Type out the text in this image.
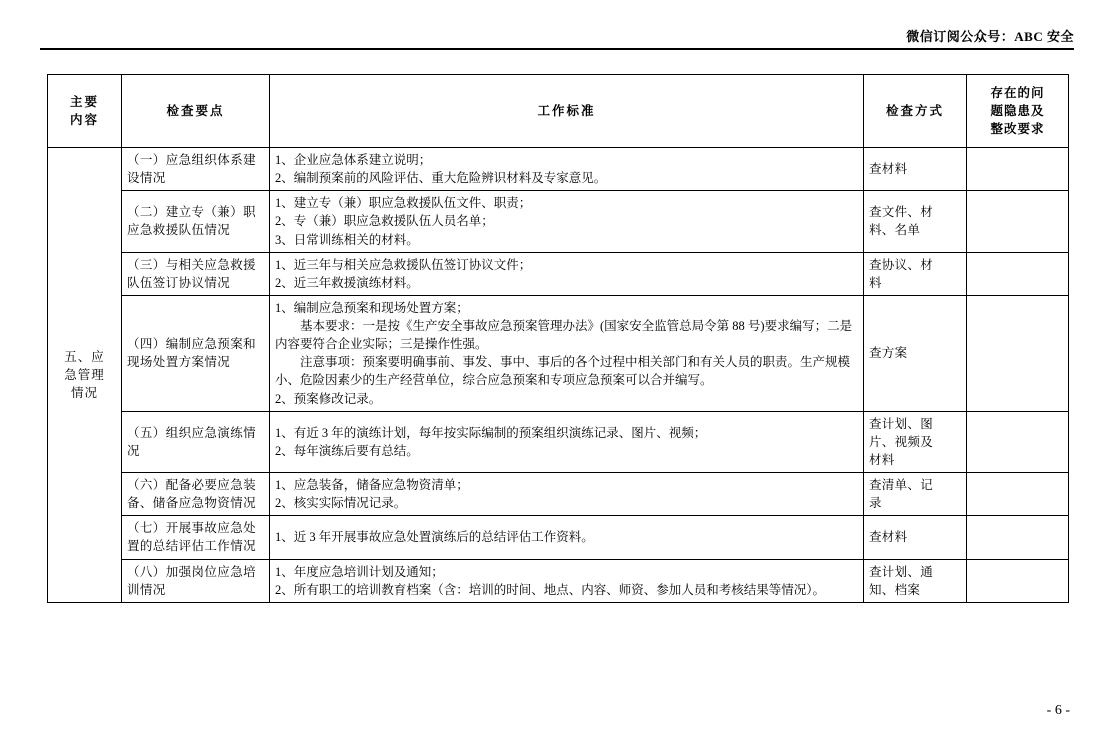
微信订阅公众号：ABC 安全
主要
内容	检查要点	工作标准	检查方式	存在的问
题隐患及
整改要求

五、应
急管理
情况	（一）应急组织体系建设情况	1、企业应急体系建立说明；
2、编制预案前的风险评估、重大危险辨识材料及专家意见。	查材料	

	（二）建立专（兼）职应急救援队伍情况	1、建立专（兼）职应急救援队伍文件、职责；
2、专（兼）职应急救援队伍人员名单；
3、日常训练相关的材料。	查文件、材
料、名单	

	（三）与相关应急救援队伍签订协议情况	1、近三年与相关应急救援队伍签订协议文件；
2、近三年救援演练材料。	查协议、材
料	

	（四）编制应急预案和现场处置方案情况	1、编制应急预案和现场处置方案；
基本要求：一是按《生产安全事故应急预案管理办法》(国家安全监管总局令第 88 号)要求编写；二是内容要符合企业实际；三是操作性强。
注意事项：预案要明确事前、事发、事中、事后的各个过程中相关部门和有关人员的职责。生产规模小、危险因素少的生产经营单位，综合应急预案和专项应急预案可以合并编写。
2、预案修改记录。	查方案	

	（五）组织应急演练情况	1、有近 3 年的演练计划，每年按实际编制的预案组织演练记录、图片、视频；
2、每年演练后要有总结。	查计划、图
片、视频及
材料	

	（六）配备必要应急装备、储备应急物资情况	1、应急装备，储备应急物资清单；
2、核实实际情况记录。	查清单、记
录	

	（七）开展事故应急处置的总结评估工作情况	1、近 3 年开展事故应急处置演练后的总结评估工作资料。	查材料	

	（八）加强岗位应急培训情况	1、年度应急培训计划及通知；
2、所有职工的培训教育档案（含：培训的时间、地点、内容、师资、参加人员和考核结果等情况）。	查计划、通
知、档案	

- 6 -
